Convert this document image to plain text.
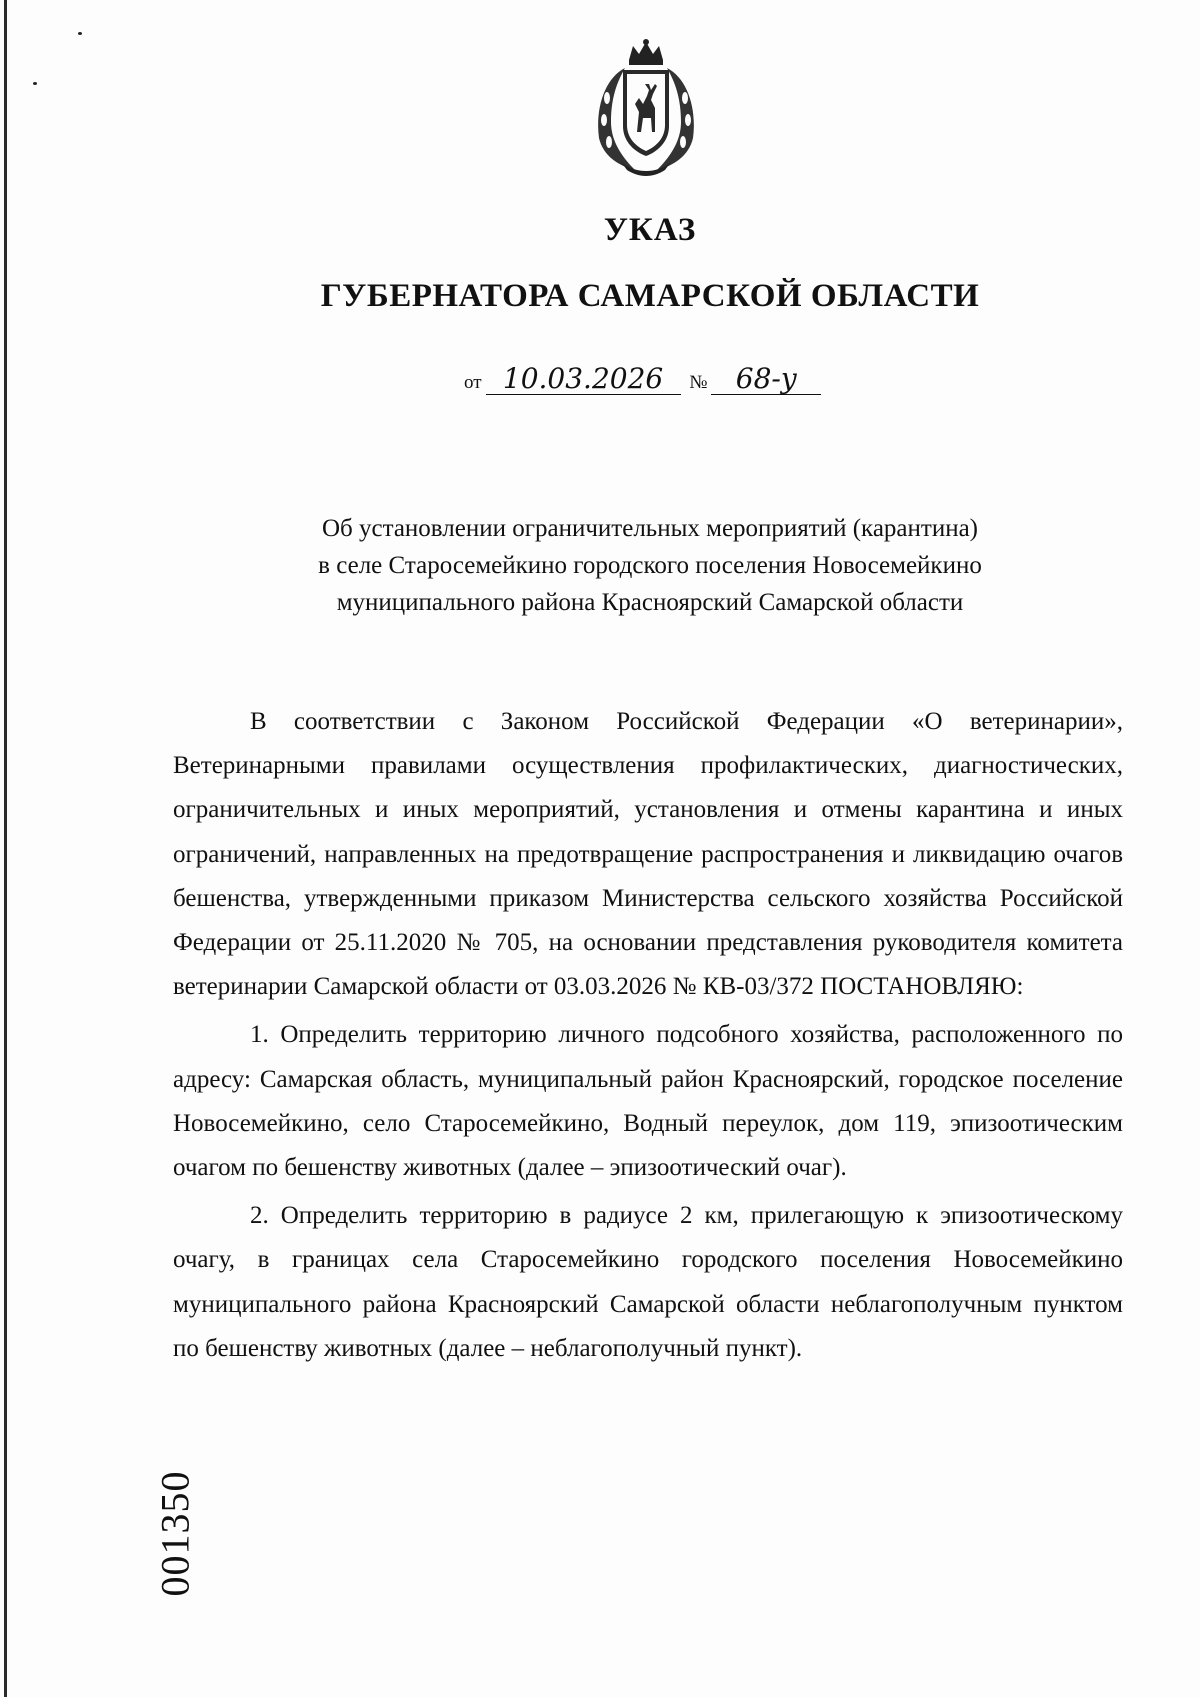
УКАЗ
ГУБЕРНАТОРА САМАРСКОЙ ОБЛАСТИ
от 10.03.2026 № 68-у
Об установлении ограничительных мероприятий (карантина)
в селе Старосемейкино городского поселения Новосемейкино
муниципального района Красноярский Самарской области

В соответствии с Законом Российской Федерации «О ветеринарии», Ветеринарными правилами осуществления профилактических, диагностических, ограничительных и иных мероприятий, установления и отмены карантина и иных ограничений, направленных на предотвращение распространения и ликвидацию очагов бешенства, утвержденными приказом Министерства сельского хозяйства Российской Федерации от 25.11.2020 № 705, на основании представления руководителя комитета ветеринарии Самарской области от 03.03.2026 № КВ-03/372 ПОСТАНОВЛЯЮ:

1. Определить территорию личного подсобного хозяйства, расположенного по адресу: Самарская область, муниципальный район Красноярский, городское поселение Новосемейкино, село Старосемейкино, Водный переулок, дом 119, эпизоотическим очагом по бешенству животных (далее – эпизоотический очаг).

2. Определить территорию в радиусе 2 км, прилегающую к эпизоотическому очагу, в границах села Старосемейкино городского поселения Новосемейкино муниципального района Красноярский Самарской области неблагополучным пунктом по бешенству животных (далее – неблагополучный пункт).

001350
